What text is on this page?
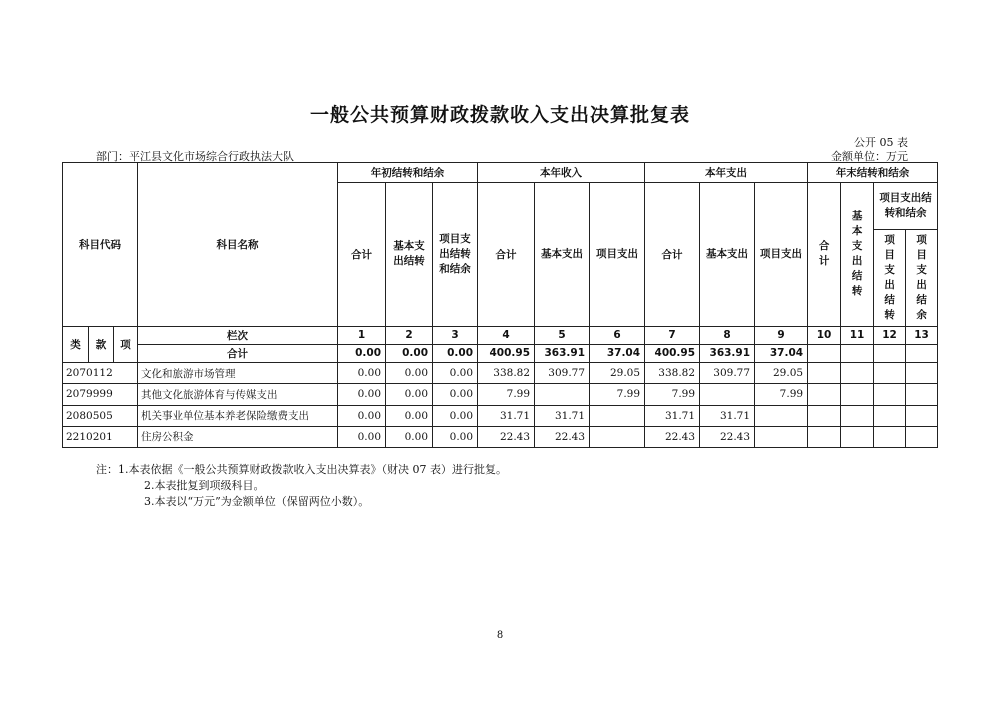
一般公共预算财政拨款收入支出决算批复表
公开 05 表
部门：平江县文化市场综合行政执法大队	金额单位：万元
科目代码			科目名称	年初结转和结余			本年收入			本年支出			年末结转和结余			
				合计	基本支出结转	项目支出结转和结余	合计	基本支出	项目支出	合计	基本支出	项目支出	合计	基本支出结转	项目支出结转和结余	
															项目支出结转	项目支出结余
类	款	项	栏次	1	2	3	4	5	6	7	8	9	10	11	12	13
			合计	0.00	0.00	0.00	400.95	363.91	37.04	400.95	363.91	37.04				
2070112			文化和旅游市场管理	0.00	0.00	0.00	338.82	309.77	29.05	338.82	309.77	29.05				
2079999			其他文化旅游体育与传媒支出	0.00	0.00	0.00	7.99		7.99	7.99		7.99				
2080505			机关事业单位基本养老保险缴费支出	0.00	0.00	0.00	31.71	31.71		31.71	31.71					
2210201			住房公积金	0.00	0.00	0.00	22.43	22.43		22.43	22.43					
注：1.本表依据《一般公共预算财政拨款收入支出决算表》（财决 07 表）进行批复。
2.本表批复到项级科目。
3.本表以“万元”为金额单位（保留两位小数）。
8
